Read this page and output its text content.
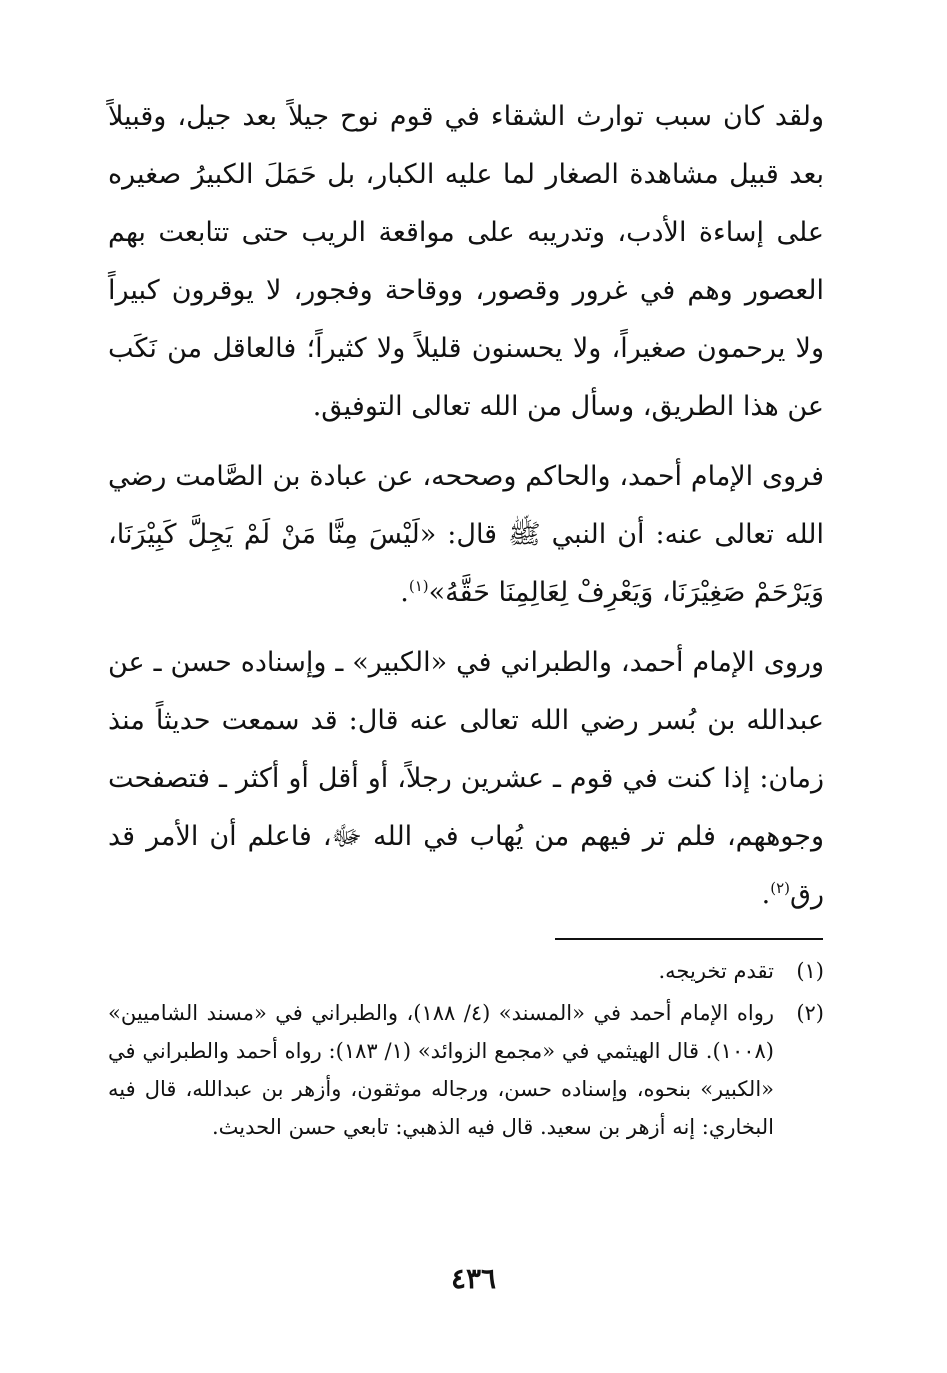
ولقد كان سبب توارث الشقاء في قوم نوح جيلاً بعد جيل، وقبيلاً بعد قبيل مشاهدة الصغار لما عليه الكبار، بل حَمَلَ الكبيرُ صغيره على إساءة الأدب، وتدريبه على مواقعة الريب حتى تتابعت بهم العصور وهم في غرور وقصور، ووقاحة وفجور، لا يوقرون كبيراً ولا يرحمون صغيراً، ولا يحسنون قليلاً ولا كثيراً؛ فالعاقل من نَكَب عن هذا الطريق، وسأل من الله تعالى التوفيق.

فروى الإمام أحمد، والحاكم وصححه، عن عبادة بن الصَّامت رضي الله تعالى عنه: أن النبي ﷺ قال: «لَيْسَ مِنَّا مَنْ لَمْ يَجِلَّ كَبِيْرَنَا، وَيَرْحَمْ صَغِيْرَنَا، وَيَعْرِفْ لِعَالِمِنَا حَقَّهُ»$^{(١)}$.

وروى الإمام أحمد، والطبراني في «الكبير» ـ وإسناده حسن ـ عن عبدالله بن بُسر رضي الله تعالى عنه قال: قد سمعت حديثاً منذ زمان: إذا كنت في قوم ـ عشرين رجلاً، أو أقل أو أكثر ـ فتصفحت وجوههم، فلم تر فيهم من يُهاب في الله ﷻ، فاعلم أن الأمر قد رق$^{(٢)}$.

(١)
تقدم تخريجه.
(٢)
رواه الإمام أحمد في «المسند» (٤/ ١٨٨)، والطبراني في «مسند الشاميين» (١٠٠٨). قال الهيثمي في «مجمع الزوائد» (١/ ١٨٣): رواه أحمد والطبراني في «الكبير» بنحوه، وإسناده حسن، ورجاله موثقون، وأزهر بن عبدالله، قال فيه البخاري: إنه أزهر بن سعيد. قال فيه الذهبي: تابعي حسن الحديث.
٤٣٦
